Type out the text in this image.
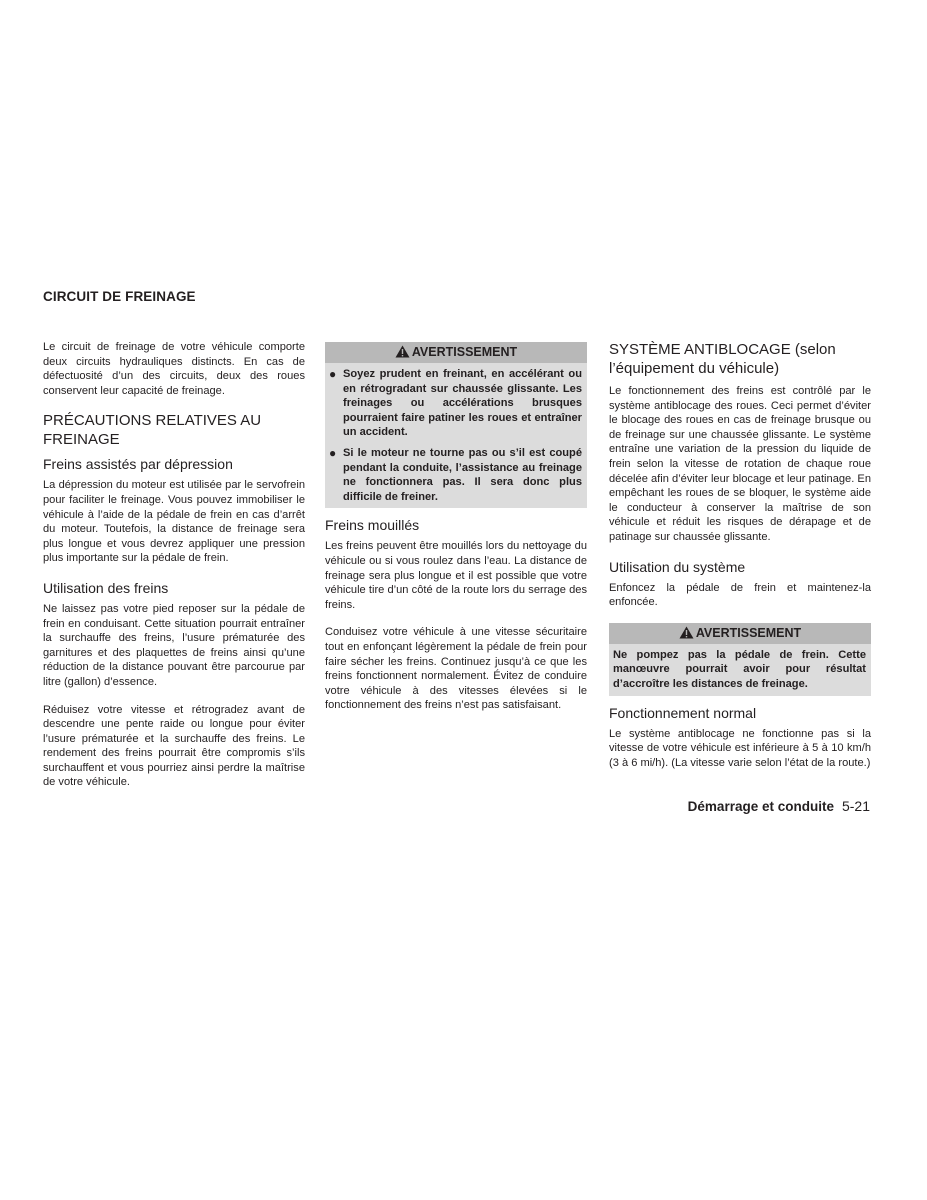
CIRCUIT DE FREINAGE

Le circuit de freinage de votre véhicule comporte deux circuits hydrauliques distincts. En cas de défectuosité d’un des circuits, deux des roues conservent leur capacité de freinage.

PRÉCAUTIONS RELATIVES AU FREINAGE
Freins assistés par dépression

La dépression du moteur est utilisée par le servofrein pour faciliter le freinage. Vous pouvez immobiliser le véhicule à l’aide de la pédale de frein en cas d’arrêt du moteur. Toutefois, la distance de freinage sera plus longue et vous devrez appliquer une pression plus importante sur la pédale de frein.

Utilisation des freins

Ne laissez pas votre pied reposer sur la pédale de frein en conduisant. Cette situation pourrait entraîner la surchauffe des freins, l’usure prématurée des garnitures et des plaquettes de freins ainsi qu’une réduction de la distance pouvant être parcourue par litre (gallon) d’essence.

Réduisez votre vitesse et rétrogradez avant de descendre une pente raide ou longue pour éviter l’usure prématurée et la surchauffe des freins. Le rendement des freins pourrait être compromis s’ils surchauffent et vous pourriez ainsi perdre la maîtrise de votre véhicule.

AVERTISSEMENT
● Soyez prudent en freinant, en accélérant ou en rétrogradant sur chaussée glissante. Les freinages ou accélérations brusques pourraient faire patiner les roues et entraîner un accident.
● Si le moteur ne tourne pas ou s’il est coupé pendant la conduite, l’assistance au freinage ne fonctionnera pas. Il sera donc plus difficile de freiner.
Freins mouillés

Les freins peuvent être mouillés lors du nettoyage du véhicule ou si vous roulez dans l’eau. La distance de freinage sera plus longue et il est possible que votre véhicule tire d’un côté de la route lors du serrage des freins.

Conduisez votre véhicule à une vitesse sécuritaire tout en enfonçant légèrement la pédale de frein pour faire sécher les freins. Continuez jusqu’à ce que les freins fonctionnent normalement. Évitez de conduire votre véhicule à des vitesses élevées si le fonctionnement des freins n’est pas satisfaisant.

SYSTÈME ANTIBLOCAGE (selon l’équipement du véhicule)

Le fonctionnement des freins est contrôlé par le système antiblocage des roues. Ceci permet d’éviter le blocage des roues en cas de freinage brusque ou de freinage sur une chaussée glissante. Le système entraîne une variation de la pression du liquide de frein selon la vitesse de rotation de chaque roue décelée afin d’éviter leur blocage et leur patinage. En empêchant les roues de se bloquer, le système aide le conducteur à conserver la maîtrise de son véhicule et réduit les risques de dérapage et de patinage sur chaussée glissante.

Utilisation du système

Enfoncez la pédale de frein et maintenez-la enfoncée.

AVERTISSEMENT
Ne pompez pas la pédale de frein. Cette manœuvre pourrait avoir pour résultat d’accroître les distances de freinage.
Fonctionnement normal

Le système antiblocage ne fonctionne pas si la vitesse de votre véhicule est inférieure à 5 à 10 km/h (3 à 6 mi/h). (La vitesse varie selon l’état de la route.)

Démarrage et conduite 5-21
